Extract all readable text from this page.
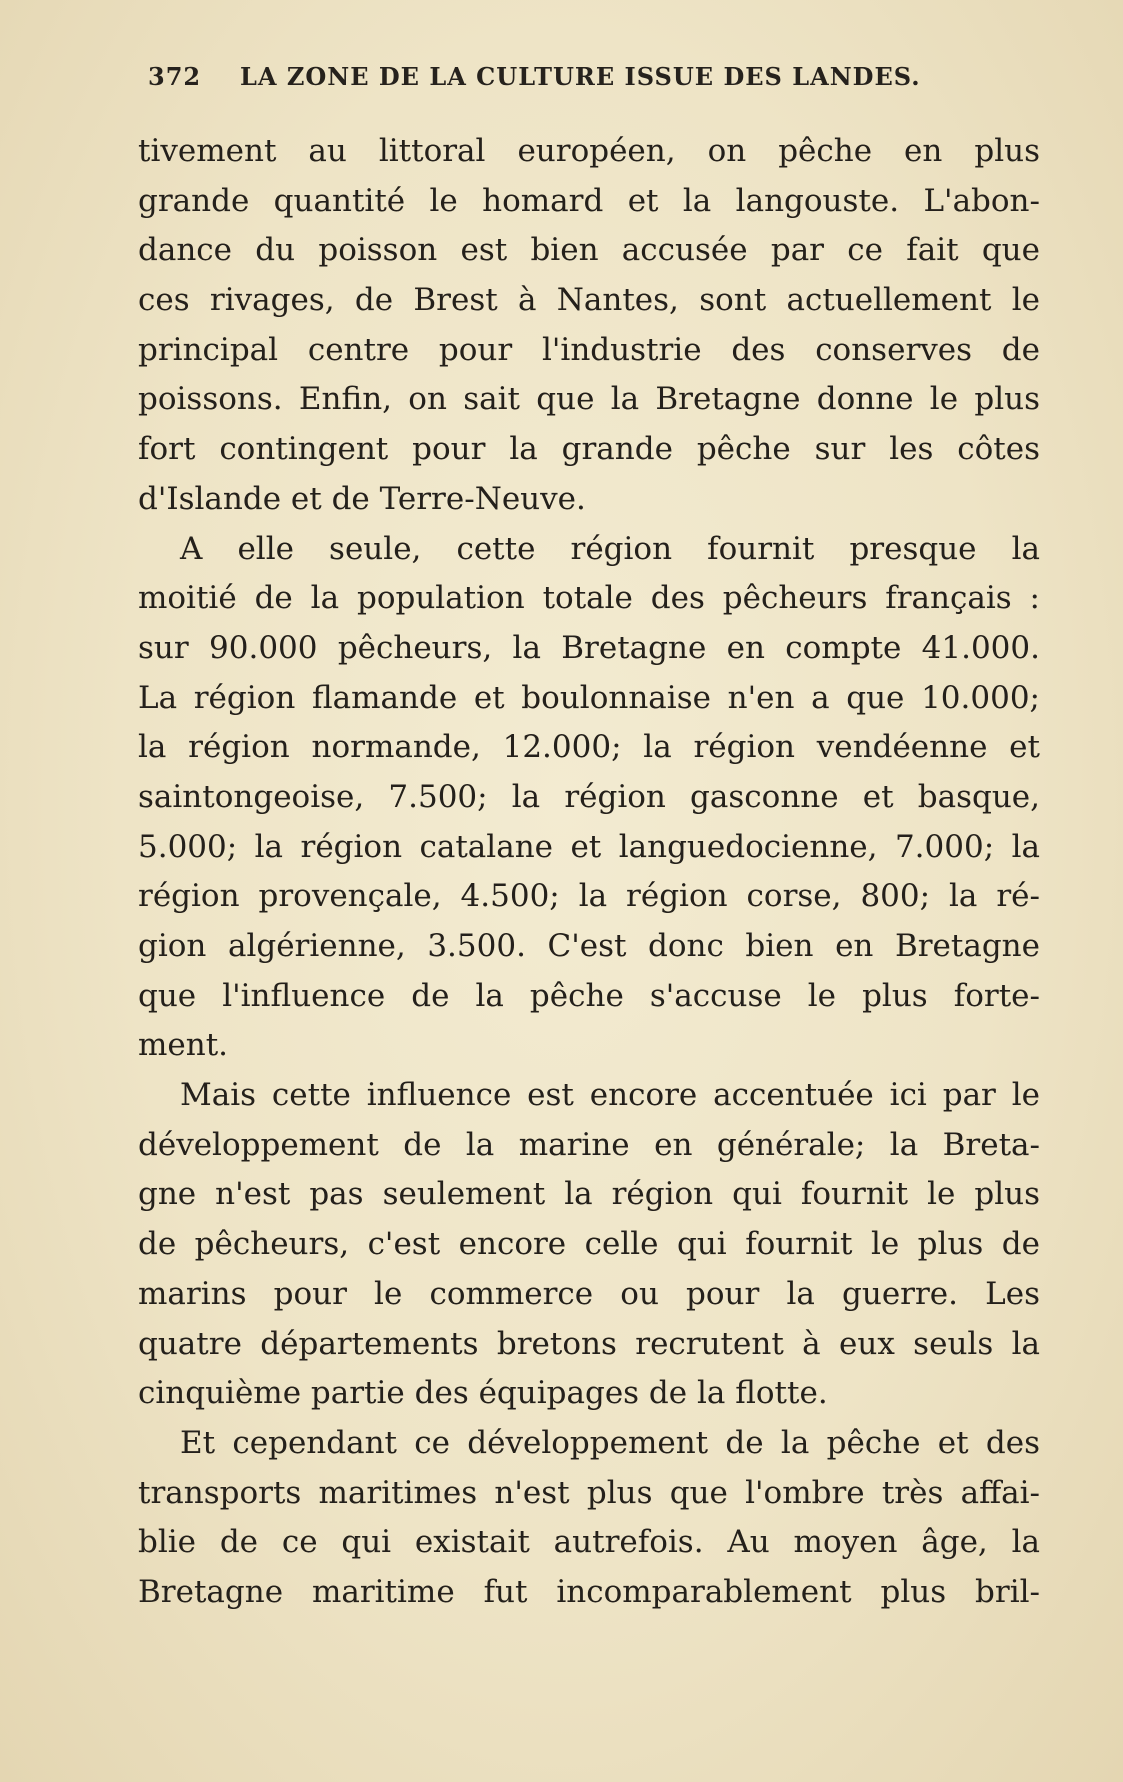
372 LA ZONE DE LA CULTURE ISSUE DES LANDES.
tivement au littoral européen, on pêche en plus
grande quantité le homard et la langouste. L'abon-
dance du poisson est bien accusée par ce fait que
ces rivages, de Brest à Nantes, sont actuellement le
principal centre pour l'industrie des conserves de
poissons. Enfin, on sait que la Bretagne donne le plus
fort contingent pour la grande pêche sur les côtes
d'Islande et de Terre-Neuve.
A elle seule, cette région fournit presque la
moitié de la population totale des pêcheurs français :
sur 90.000 pêcheurs, la Bretagne en compte 41.000.
La région flamande et boulonnaise n'en a que 10.000;
la région normande, 12.000; la région vendéenne et
saintongeoise, 7.500; la région gasconne et basque,
5.000; la région catalane et languedocienne, 7.000; la
région provençale, 4.500; la région corse, 800; la ré-
gion algérienne, 3.500. C'est donc bien en Bretagne
que l'influence de la pêche s'accuse le plus forte-
ment.
Mais cette influence est encore accentuée ici par le
développement de la marine en générale; la Breta-
gne n'est pas seulement la région qui fournit le plus
de pêcheurs, c'est encore celle qui fournit le plus de
marins pour le commerce ou pour la guerre. Les
quatre départements bretons recrutent à eux seuls la
cinquième partie des équipages de la flotte.
Et cependant ce développement de la pêche et des
transports maritimes n'est plus que l'ombre très affai-
blie de ce qui existait autrefois. Au moyen âge, la
Bretagne maritime fut incomparablement plus bril-
